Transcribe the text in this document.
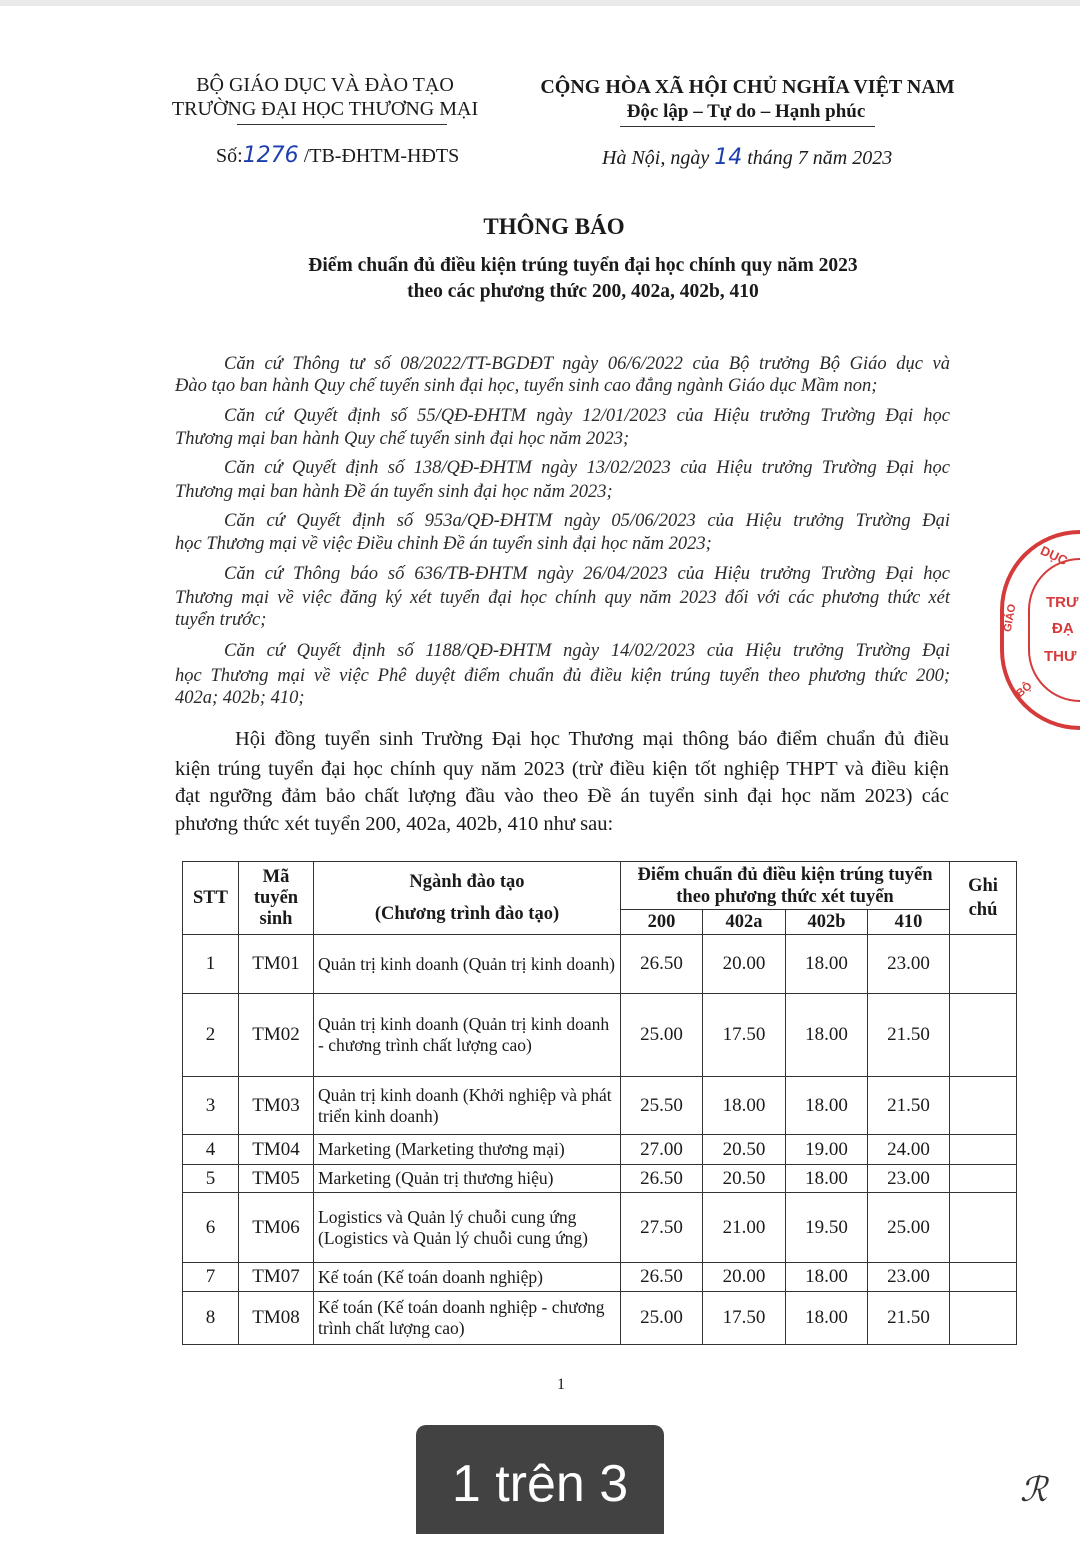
BỘ GIÁO DỤC VÀ ĐÀO TẠO
TRƯỜNG ĐẠI HỌC THƯƠNG MẠI
Số:1276 /TB-ĐHTM-HĐTS
CỘNG HÒA XÃ HỘI CHỦ NGHĨA VIỆT NAM
Độc lập – Tự do – Hạnh phúc
Hà Nội, ngày 14 tháng 7 năm 2023
THÔNG BÁO
Điểm chuẩn đủ điều kiện trúng tuyển đại học chính quy năm 2023
theo các phương thức 200, 402a, 402b, 410
Căn cứ Thông tư số 08/2022/TT-BGDĐT ngày 06/6/2022 của Bộ trưởng Bộ Giáo dục và
Đào tạo ban hành Quy chế tuyển sinh đại học, tuyển sinh cao đẳng ngành Giáo dục Mầm non;
Căn cứ Quyết định số 55/QĐ-ĐHTM ngày 12/01/2023 của Hiệu trưởng Trường Đại học
Thương mại ban hành Quy chế tuyển sinh đại học năm 2023;
Căn cứ Quyết định số 138/QĐ-ĐHTM ngày 13/02/2023 của Hiệu trưởng Trường Đại học
Thương mại ban hành Đề án tuyển sinh đại học năm 2023;
Căn cứ Quyết định số 953a/QĐ-ĐHTM ngày 05/06/2023 của Hiệu trưởng Trường Đại
học Thương mại về việc Điều chỉnh Đề án tuyển sinh đại học năm 2023;
Căn cứ Thông báo số 636/TB-ĐHTM ngày 26/04/2023 của Hiệu trưởng Trường Đại học
Thương mại về việc đăng ký xét tuyển đại học chính quy năm 2023 đối với các phương thức xét
tuyển trước;
Căn cứ Quyết định số 1188/QĐ-ĐHTM ngày 14/02/2023 của Hiệu trưởng Trường Đại
học Thương mại về việc Phê duyệt điểm chuẩn đủ điều kiện trúng tuyển theo phương thức 200;
402a; 402b; 410;
Hội đồng tuyển sinh Trường Đại học Thương mại thông báo điểm chuẩn đủ điều
kiện trúng tuyển đại học chính quy năm 2023 (trừ điều kiện tốt nghiệp THPT và điều kiện
đạt ngưỡng đảm bảo chất lượng đầu vào theo Đề án tuyển sinh đại học năm 2023) các
phương thức xét tuyển 200, 402a, 402b, 410 như sau:
STT	Mã tuyển sinh	Ngành đào tạo
(Chương trình đào tạo)	Điểm chuẩn đủ điều kiện trúng tuyển theo phương thức xét tuyển				Ghi chú
			200	402a	402b	410	
1	TM01	Quản trị kinh doanh (Quản trị kinh doanh)	26.50	20.00	18.00	23.00	
2	TM02	Quản trị kinh doanh (Quản trị kinh doanh - chương trình chất lượng cao)	25.00	17.50	18.00	21.50	
3	TM03	Quản trị kinh doanh (Khởi nghiệp và phát triển kinh doanh)	25.50	18.00	18.00	21.50	
4	TM04	Marketing (Marketing thương mại)	27.00	20.50	19.00	24.00	
5	TM05	Marketing (Quản trị thương hiệu)	26.50	20.50	18.00	23.00	
6	TM06	Logistics và Quản lý chuỗi cung ứng (Logistics và Quản lý chuỗi cung ứng)	27.50	21.00	19.50	25.00	
7	TM07	Kế toán (Kế toán doanh nghiệp)	26.50	20.00	18.00	23.00	
8	TM08	Kế toán (Kế toán doanh nghiệp - chương trình chất lượng cao)	25.00	17.50	18.00	21.50	
DỤC
TRƯ
ĐẠ
THƯ
GIÁO
BỘ
1
ℛ
1 trên 3
